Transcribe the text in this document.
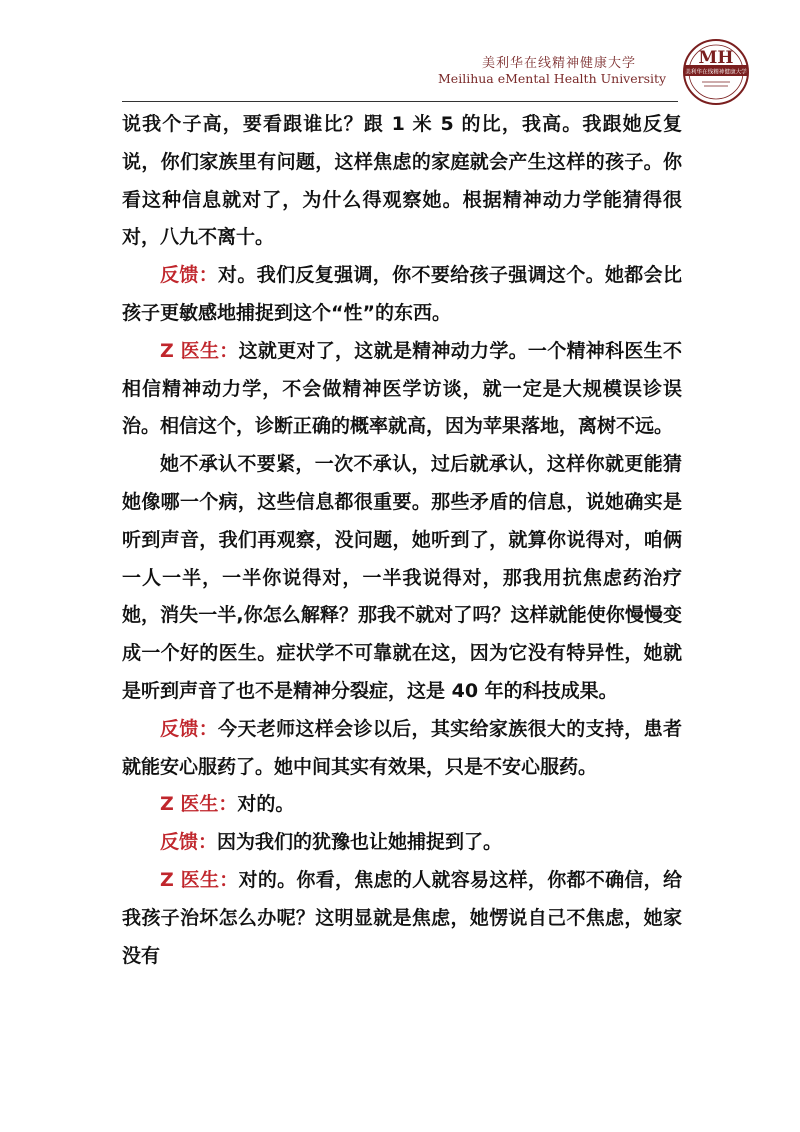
美利华在线精神健康大学
Meilihua eMental Health University
MH
美利华在线精神健康大学

说我个子高，要看跟谁比？跟 1 米 5 的比，我高。我跟她反复说，你们家族里有问题，这样焦虑的家庭就会产生这样的孩子。你看这种信息就对了，为什么得观察她。根据精神动力学能猜得很对，八九不离十。

反馈：对。我们反复强调，你不要给孩子强调这个。她都会比孩子更敏感地捕捉到这个“性”的东西。

Z 医生：这就更对了，这就是精神动力学。一个精神科医生不相信精神动力学，不会做精神医学访谈，就一定是大规模误诊误治。相信这个，诊断正确的概率就高，因为苹果落地，离树不远。

她不承认不要紧，一次不承认，过后就承认，这样你就更能猜她像哪一个病，这些信息都很重要。那些矛盾的信息，说她确实是听到声音，我们再观察，没问题，她听到了，就算你说得对，咱俩一人一半，一半你说得对，一半我说得对，那我用抗焦虑药治疗她，消失一半,你怎么解释？那我不就对了吗？这样就能使你慢慢变成一个好的医生。症状学不可靠就在这，因为它没有特异性，她就是听到声音了也不是精神分裂症，这是 40 年的科技成果。

反馈：今天老师这样会诊以后，其实给家族很大的支持，患者就能安心服药了。她中间其实有效果，只是不安心服药。

Z 医生：对的。

反馈：因为我们的犹豫也让她捕捉到了。

Z 医生：对的。你看，焦虑的人就容易这样，你都不确信，给我孩子治坏怎么办呢？这明显就是焦虑，她愣说自己不焦虑，她家没有
